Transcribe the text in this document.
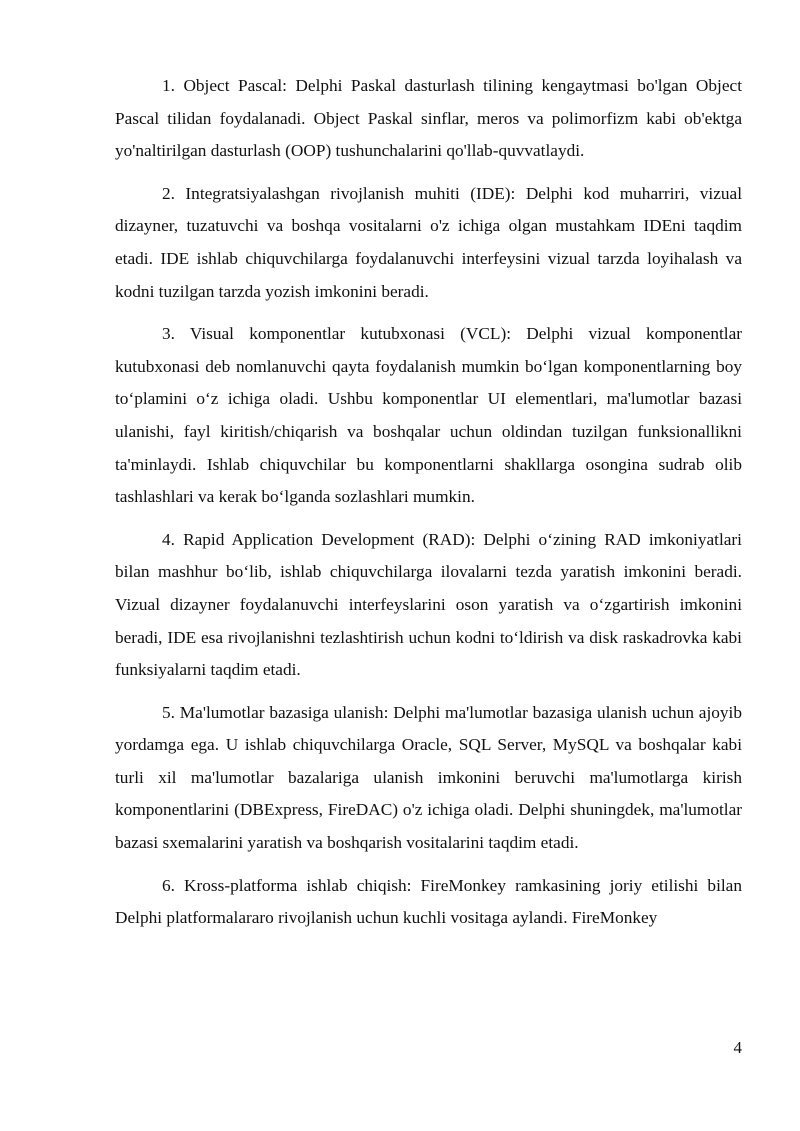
1. Object Pascal: Delphi Paskal dasturlash tilining kengaytmasi bo'lgan Object Pascal tilidan foydalanadi. Object Paskal sinflar, meros va polimorfizm kabi ob'ektga yo'naltirilgan dasturlash (OOP) tushunchalarini qo'llab-quvvatlaydi.

2. Integratsiyalashgan rivojlanish muhiti (IDE): Delphi kod muharriri, vizual dizayner, tuzatuvchi va boshqa vositalarni o'z ichiga olgan mustahkam IDEni taqdim etadi. IDE ishlab chiquvchilarga foydalanuvchi interfeysini vizual tarzda loyihalash va kodni tuzilgan tarzda yozish imkonini beradi.

3. Visual komponentlar kutubxonasi (VCL): Delphi vizual komponentlar kutubxonasi deb nomlanuvchi qayta foydalanish mumkin bo‘lgan komponentlarning boy to‘plamini o‘z ichiga oladi. Ushbu komponentlar UI elementlari, ma'lumotlar bazasi ulanishi, fayl kiritish/chiqarish va boshqalar uchun oldindan tuzilgan funksionallikni ta'minlaydi. Ishlab chiquvchilar bu komponentlarni shakllarga osongina sudrab olib tashlashlari va kerak bo‘lganda sozlashlari mumkin.

4. Rapid Application Development (RAD): Delphi o‘zining RAD imkoniyatlari bilan mashhur bo‘lib, ishlab chiquvchilarga ilovalarni tezda yaratish imkonini beradi. Vizual dizayner foydalanuvchi interfeyslarini oson yaratish va o‘zgartirish imkonini beradi, IDE esa rivojlanishni tezlashtirish uchun kodni to‘ldirish va disk raskadrovka kabi funksiyalarni taqdim etadi.

5. Ma'lumotlar bazasiga ulanish: Delphi ma'lumotlar bazasiga ulanish uchun ajoyib yordamga ega. U ishlab chiquvchilarga Oracle, SQL Server, MySQL va boshqalar kabi turli xil ma'lumotlar bazalariga ulanish imkonini beruvchi ma'lumotlarga kirish komponentlarini (DBExpress, FireDAC) o'z ichiga oladi. Delphi shuningdek, ma'lumotlar bazasi sxemalarini yaratish va boshqarish vositalarini taqdim etadi.

6. Kross-platforma ishlab chiqish: FireMonkey ramkasining joriy etilishi bilan Delphi platformalararo rivojlanish uchun kuchli vositaga aylandi. FireMonkey

4
